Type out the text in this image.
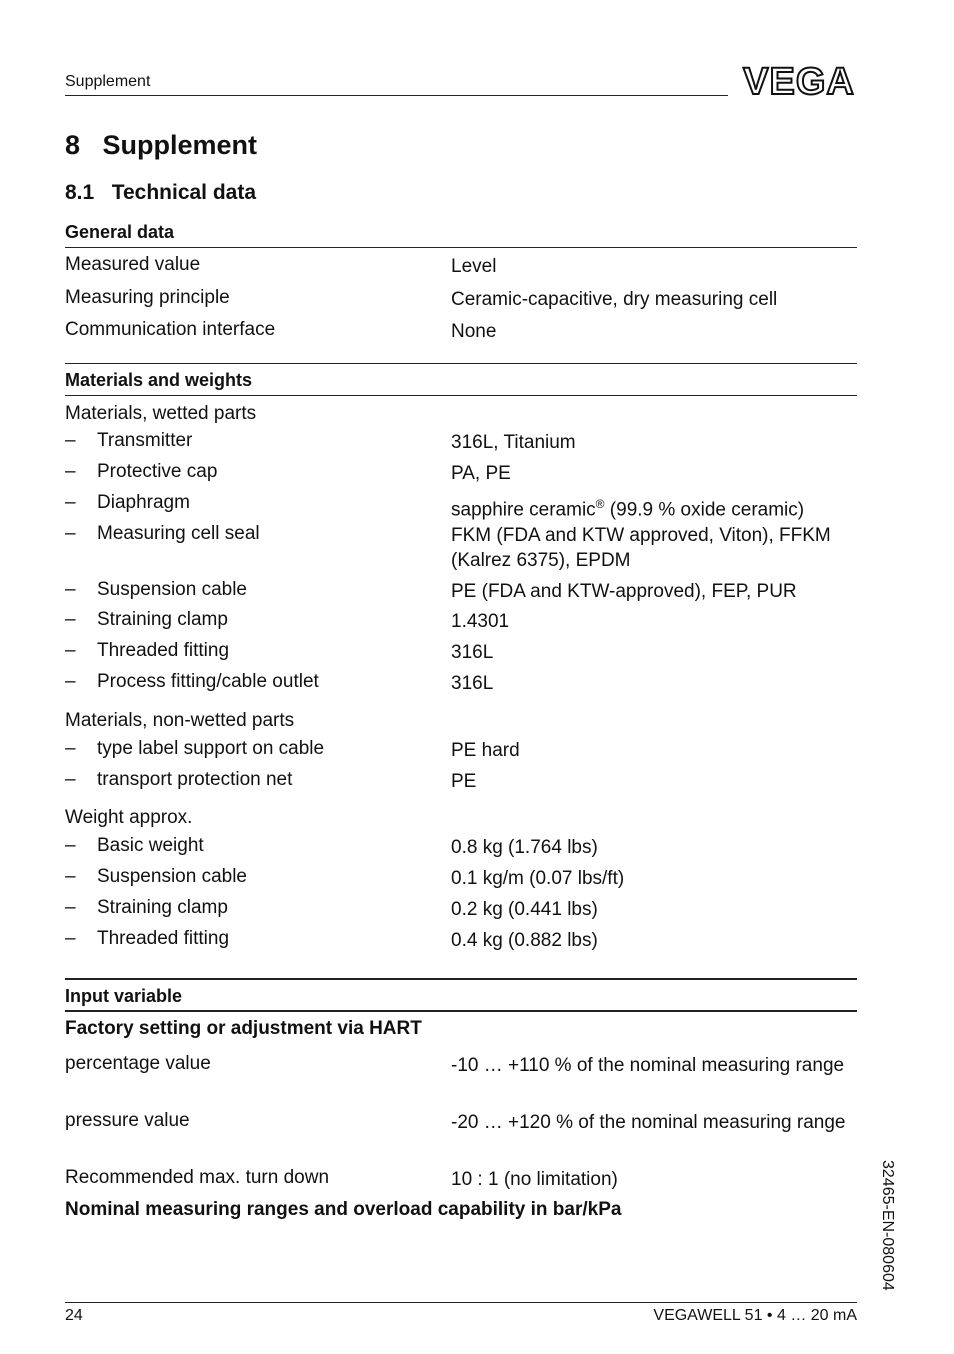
Supplement	VEGA
8   Supplement
8.1   Technical data
General data
Measured value	Level
Measuring principle	Ceramic-capacitive, dry measuring cell
Communication interface	None
Materials and weights
Materials, wetted parts
– Transmitter	316L, Titanium
– Protective cap	PA, PE
– Diaphragm	sapphire ceramic® (99.9 % oxide ceramic)
– Measuring cell seal	FKM (FDA and KTW approved, Viton), FFKM (Kalrez 6375), EPDM
– Suspension cable	PE (FDA and KTW-approved), FEP, PUR
– Straining clamp	1.4301
– Threaded fitting	316L
– Process fitting/cable outlet	316L
Materials, non-wetted parts
– type label support on cable	PE hard
– transport protection net	PE
Weight approx.
– Basic weight	0.8 kg (1.764 lbs)
– Suspension cable	0.1 kg/m (0.07 lbs/ft)
– Straining clamp	0.2 kg (0.441 lbs)
– Threaded fitting	0.4 kg (0.882 lbs)
Input variable
Factory setting or adjustment via HART
percentage value	-10 … +110 % of the nominal measuring range
pressure value	-20 … +120 % of the nominal measuring range
Recommended max. turn down	10 : 1 (no limitation)
Nominal measuring ranges and overload capability in bar/kPa	32465-EN-080604
24	VEGAWELL 51 • 4 … 20 mA
